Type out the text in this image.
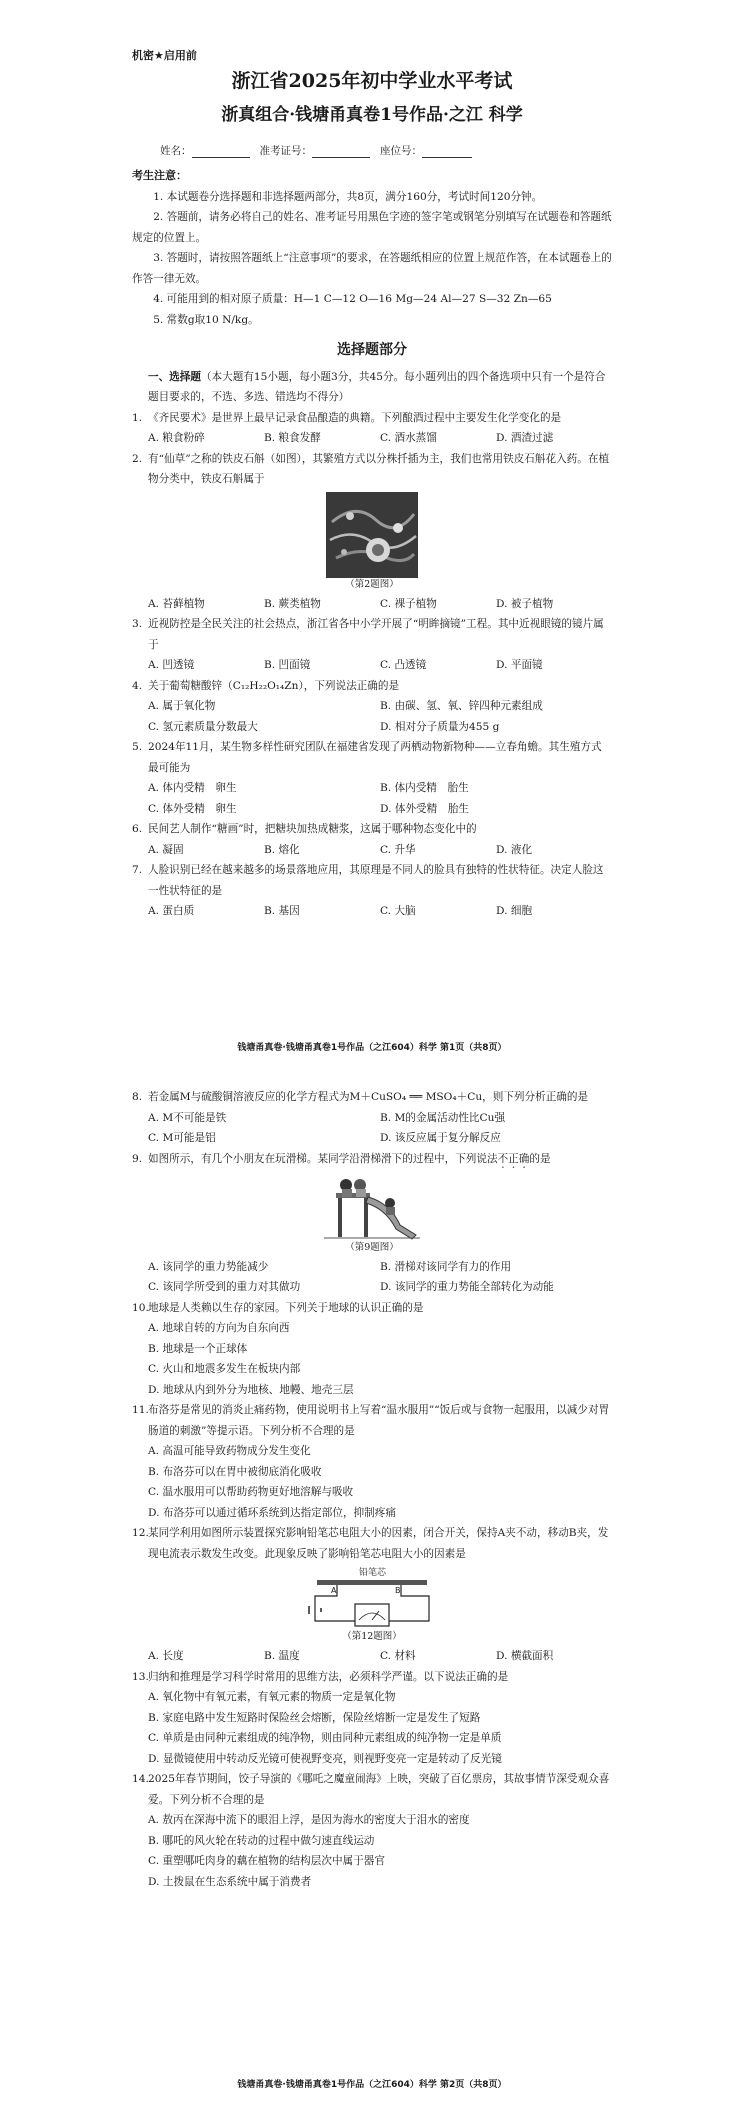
机密★启用前
浙江省2025年初中学业水平考试
浙真组合·钱塘甬真卷1号作品·之江 科学
姓名：	准考证号：	座位号：
考生注意：
1. 本试题卷分选择题和非选择题两部分，共8页，满分160分，考试时间120分钟。
2. 答题前，请务必将自己的姓名、准考证号用黑色字迹的签字笔或钢笔分别填写在试题卷和答题纸规定的位置上。
3. 答题时，请按照答题纸上“注意事项”的要求，在答题纸相应的位置上规范作答，在本试题卷上的作答一律无效。
4. 可能用到的相对原子质量：H—1 C—12 O—16 Mg—24 Al—27 S—32 Zn—65
5. 常数g取10 N/kg。
选择题部分
一、选择题（本大题有15小题，每小题3分，共45分。每小题列出的四个备选项中只有一个是符合题目要求的，不选、多选、错选均不得分）
1. 《齐民要术》是世界上最早记录食品酿造的典籍。下列酿酒过程中主要发生化学变化的是
A. 粮食粉碎	B. 粮食发酵	C. 酒水蒸馏	D. 酒渣过滤
2. 有“仙草”之称的铁皮石斛（如图），其繁殖方式以分株扦插为主，我们也常用铁皮石斛花入药。在植物分类中，铁皮石斛属于
（第2题图）
A. 苔藓植物	B. 蕨类植物	C. 裸子植物	D. 被子植物
3. 近视防控是全民关注的社会热点，浙江省各中小学开展了“明眸摘镜”工程。其中近视眼镜的镜片属于
A. 凹透镜	B. 凹面镜	C. 凸透镜	D. 平面镜
4. 关于葡萄糖酸锌（C₁₂H₂₂O₁₄Zn），下列说法正确的是
A. 属于氧化物	B. 由碳、氢、氧、锌四种元素组成
C. 氢元素质量分数最大	D. 相对分子质量为455 g
5. 2024年11月，某生物多样性研究团队在福建省发现了两栖动物新物种——立春角蟾。其生殖方式最可能为
A. 体内受精　卵生	B. 体内受精　胎生
C. 体外受精　卵生	D. 体外受精　胎生
6. 民间艺人制作“糖画”时，把糖块加热成糖浆，这属于哪种物态变化中的
A. 凝固	B. 熔化	C. 升华	D. 液化
7. 人脸识别已经在越来越多的场景落地应用，其原理是不同人的脸具有独特的性状特征。决定人脸这一性状特征的是
A. 蛋白质	B. 基因	C. 大脑	D. 细胞
钱塘甬真卷·钱塘甬真卷1号作品（之江604）科学 第1页（共8页）
8. 若金属M与硫酸铜溶液反应的化学方程式为M＋CuSO₄ ══ MSO₄＋Cu，则下列分析正确的是
A. M不可能是铁	B. M的金属活动性比Cu强
C. M可能是铝	D. 该反应属于复分解反应
9. 如图所示，有几个小朋友在玩滑梯。某同学沿滑梯滑下的过程中，下列说法不正确的是
（第9题图）
A. 该同学的重力势能减少	B. 滑梯对该同学有力的作用
C. 该同学所受到的重力对其做功	D. 该同学的重力势能全部转化为动能
10. 地球是人类赖以生存的家园。下列关于地球的认识正确的是
A. 地球自转的方向为自东向西
B. 地球是一个正球体
C. 火山和地震多发生在板块内部
D. 地球从内到外分为地核、地幔、地壳三层
11. 布洛芬是常见的消炎止痛药物，使用说明书上写着“温水服用”“饭后或与食物一起服用，以减少对胃肠道的刺激”等提示语。下列分析不合理的是
A. 高温可能导致药物成分发生变化
B. 布洛芬可以在胃中被彻底消化吸收
C. 温水服用可以帮助药物更好地溶解与吸收
D. 布洛芬可以通过循环系统到达指定部位，抑制疼痛
12. 某同学利用如图所示装置探究影响铅笔芯电阻大小的因素，闭合开关，保持A夹不动，移动B夹，发现电流表示数发生改变。此现象反映了影响铅笔芯电阻大小的因素是
铅笔芯
A	B
（第12题图）
A. 长度	B. 温度	C. 材料	D. 横截面积
13. 归纳和推理是学习科学时常用的思维方法，必须科学严谨。以下说法正确的是
A. 氧化物中有氧元素，有氧元素的物质一定是氧化物
B. 家庭电路中发生短路时保险丝会熔断，保险丝熔断一定是发生了短路
C. 单质是由同种元素组成的纯净物，则由同种元素组成的纯净物一定是单质
D. 显微镜使用中转动反光镜可使视野变亮，则视野变亮一定是转动了反光镜
14. 2025年春节期间，饺子导演的《哪吒之魔童闹海》上映，突破了百亿票房，其故事情节深受观众喜爱。下列分析不合理的是
A. 敖丙在深海中流下的眼泪上浮，是因为海水的密度大于泪水的密度
B. 哪吒的风火轮在转动的过程中做匀速直线运动
C. 重塑哪吒肉身的藕在植物的结构层次中属于器官
D. 土拨鼠在生态系统中属于消费者
钱塘甬真卷·钱塘甬真卷1号作品（之江604）科学 第2页（共8页）
